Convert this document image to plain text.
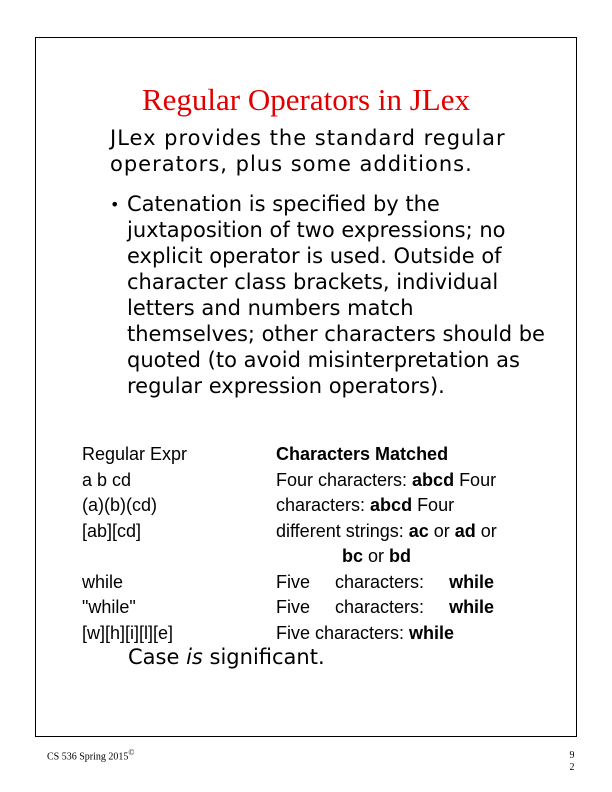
Regular Operators in JLex

JLex provides the standard regular operators, plus some additions.

• Catenation is specified by the juxtaposition of two expressions; no explicit operator is used. Outside of character class brackets, individual letters and numbers match themselves; other characters should be quoted (to avoid misinterpretation as regular expression operators).

Regular Expr
a b cd
(a)(b)(cd)
[ab][cd]
while
"while"
[w][h][i][l][e]
Characters Matched
Four characters: abcd Four
characters: abcd Four
different strings: ac or ad or
bc or bd
Five     characters:     while
Five     characters:     while
Five characters: while

Case is significant.

CS 536 Spring 2015©	9
2
